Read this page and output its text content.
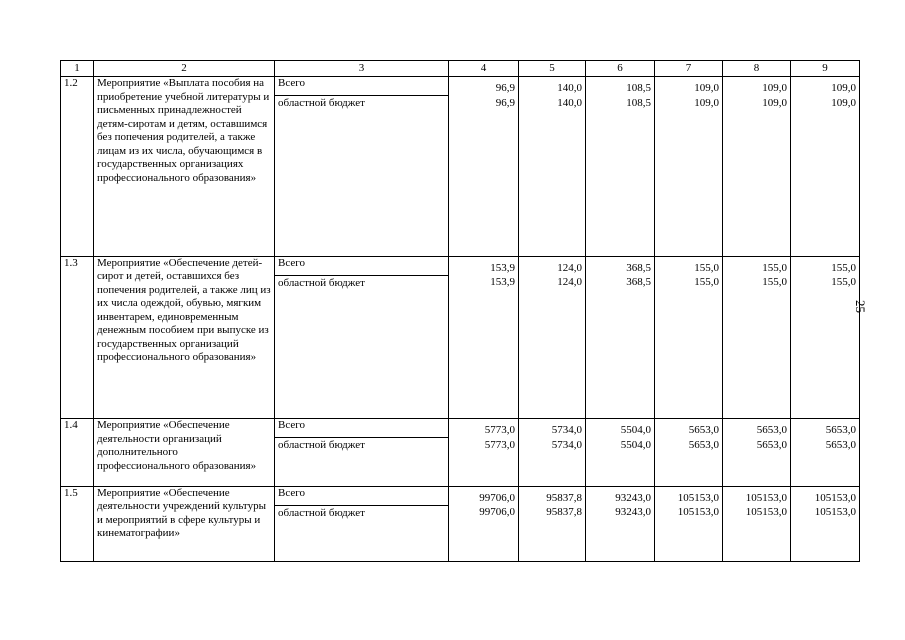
1	2	3	4	5	6	7	8	9
1.2	Мероприятие «Выплата пособия на приобретение учебной литературы и письменных принадлежностей детям-сиротам и детям, оставшимся без попечения родителей, а также лицам из их числа, обучающимся в государственных организациях профессионального образования»	Всего	96,9	140,0	108,5	109,0	109,0	109,0
		областной бюджет	96,9	140,0	108,5	109,0	109,0	109,0

1.3	Мероприятие «Обеспечение детей-сирот и детей, оставшихся без попечения родителей, а также лиц из их числа одеждой, обувью, мягким инвентарем, единовременным денежным пособием при выпуске из государственных организаций профессионального образования»	Всего	153,9	124,0	368,5	155,0	155,0	155,0
		областной бюджет	153,9	124,0	368,5	155,0	155,0	155,0

1.4	Мероприятие «Обеспечение деятельности организаций дополнительного профессионального образования»	Всего	5773,0	5734,0	5504,0	5653,0	5653,0	5653,0
		областной бюджет	5773,0	5734,0	5504,0	5653,0	5653,0	5653,0

1.5	Мероприятие «Обеспечение деятельности учреждений культуры и мероприятий в сфере культуры и кинематографии»	Всего	99706,0	95837,8	93243,0	105153,0	105153,0	105153,0
		областной бюджет	99706,0	95837,8	93243,0	105153,0	105153,0	105153,0

25
